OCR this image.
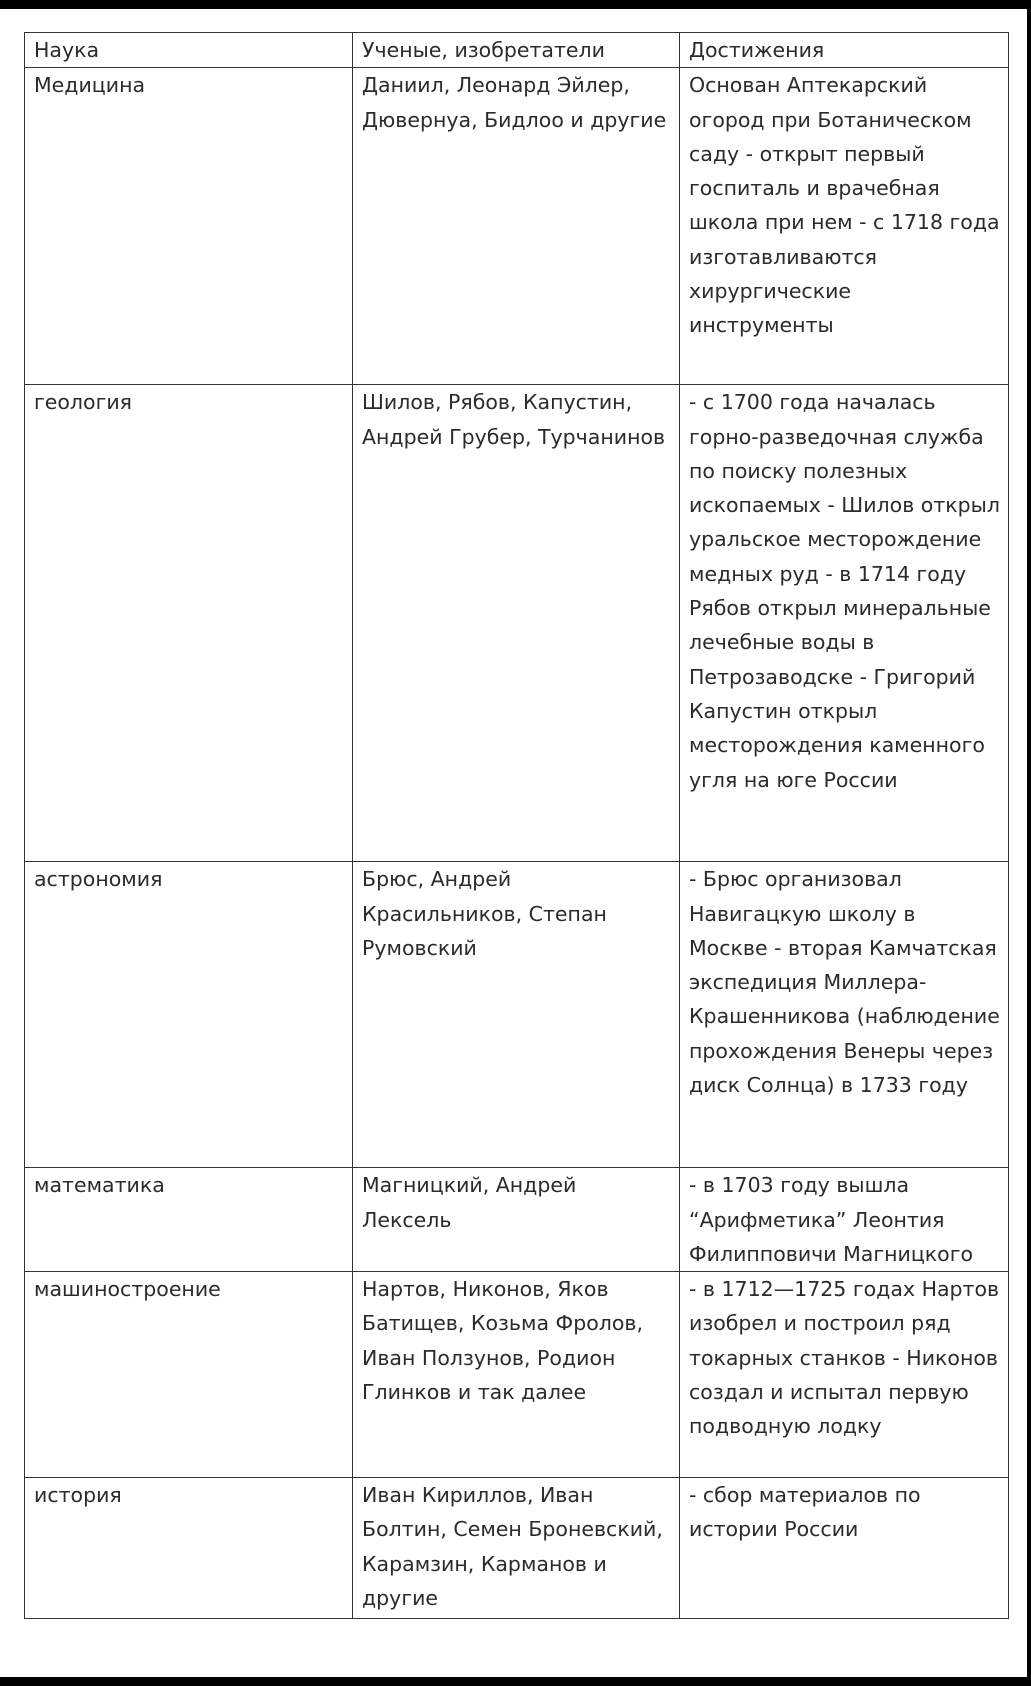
Наука	Ученые, изобретатели	Достижения
Медицина	Даниил, Леонард Эйлер, Дювернуа, Бидлоо и другие	Основан Аптекарский огород при Ботаническом саду - открыт первый госпиталь и врачебная школа при нем - с 1718 года изготавливаются хирургические инструменты
геология	Шилов, Рябов, Капустин, Андрей Грубер, Турчанинов	- с 1700 года началась горно-разведочная служба по поиску полезных ископаемых - Шилов открыл уральское месторождение медных руд - в 1714 году Рябов открыл минеральные лечебные воды в Петрозаводске - Григорий Капустин открыл месторождения каменного угля на юге России
астрономия	Брюс, Андрей Красильников, Степан Румовский	- Брюс организовал Навигацкую школу в Москве - вторая Камчатская экспедиция Миллера-Крашенникова (наблюдение прохождения Венеры через диск Солнца) в 1733 году
математика	Магницкий, Андрей Лексель	- в 1703 году вышла “Арифметика” Леонтия Филипповичи Магницкого
машиностроение	Нартов, Никонов, Яков Батищев, Козьма Фролов, Иван Ползунов, Родион Глинков и так далее	- в 1712—1725 годах Нартов изобрел и построил ряд токарных станков - Никонов создал и испытал первую подводную лодку
история	Иван Кириллов, Иван Болтин, Семен Броневский, Карамзин, Карманов и другие	- сбор материалов по истории России
